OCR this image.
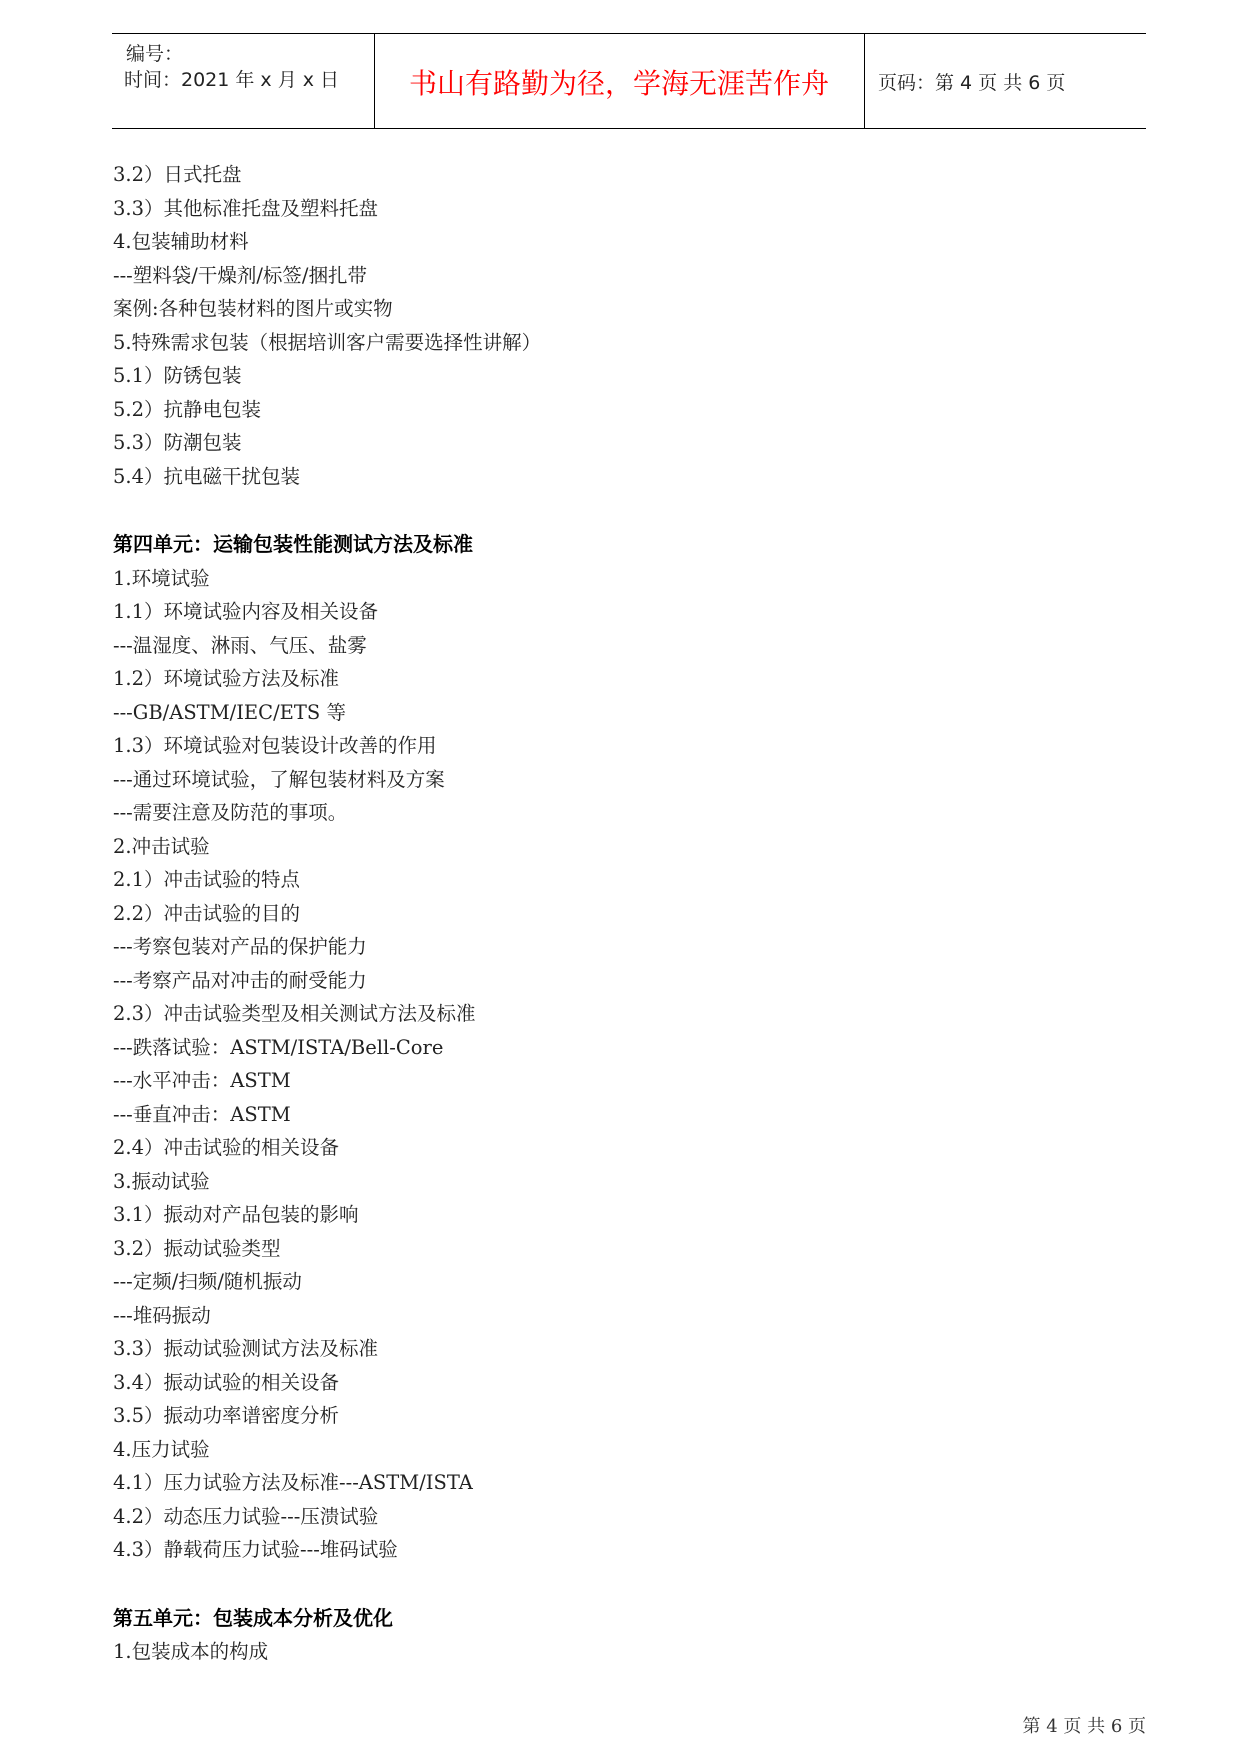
编号：
时间：2021 年 x 月 x 日	书山有路勤为径，学海无涯苦作舟	页码：第 4 页 共 6 页
3.2）日式托盘
3.3）其他标准托盘及塑料托盘
4.包装辅助材料
---塑料袋/干燥剂/标签/捆扎带
案例:各种包装材料的图片或实物
5.特殊需求包装（根据培训客户需要选择性讲解）
5.1）防锈包装
5.2）抗静电包装
5.3）防潮包装
5.4）抗电磁干扰包装
第四单元：运输包装性能测试方法及标准
1.环境试验
1.1）环境试验内容及相关设备
---温湿度、淋雨、气压、盐雾
1.2）环境试验方法及标准
---GB/ASTM/IEC/ETS 等
1.3）环境试验对包装设计改善的作用
---通过环境试验，了解包装材料及方案
---需要注意及防范的事项。
2.冲击试验
2.1）冲击试验的特点
2.2）冲击试验的目的
---考察包装对产品的保护能力
---考察产品对冲击的耐受能力
2.3）冲击试验类型及相关测试方法及标准
---跌落试验：ASTM/ISTA/Bell-Core
---水平冲击：ASTM
---垂直冲击：ASTM
2.4）冲击试验的相关设备
3.振动试验
3.1）振动对产品包装的影响
3.2）振动试验类型
---定频/扫频/随机振动
---堆码振动
3.3）振动试验测试方法及标准
3.4）振动试验的相关设备
3.5）振动功率谱密度分析
4.压力试验
4.1）压力试验方法及标准---ASTM/ISTA
4.2）动态压力试验---压溃试验
4.3）静载荷压力试验---堆码试验
第五单元：包装成本分析及优化
1.包装成本的构成
第 4 页 共 6 页
